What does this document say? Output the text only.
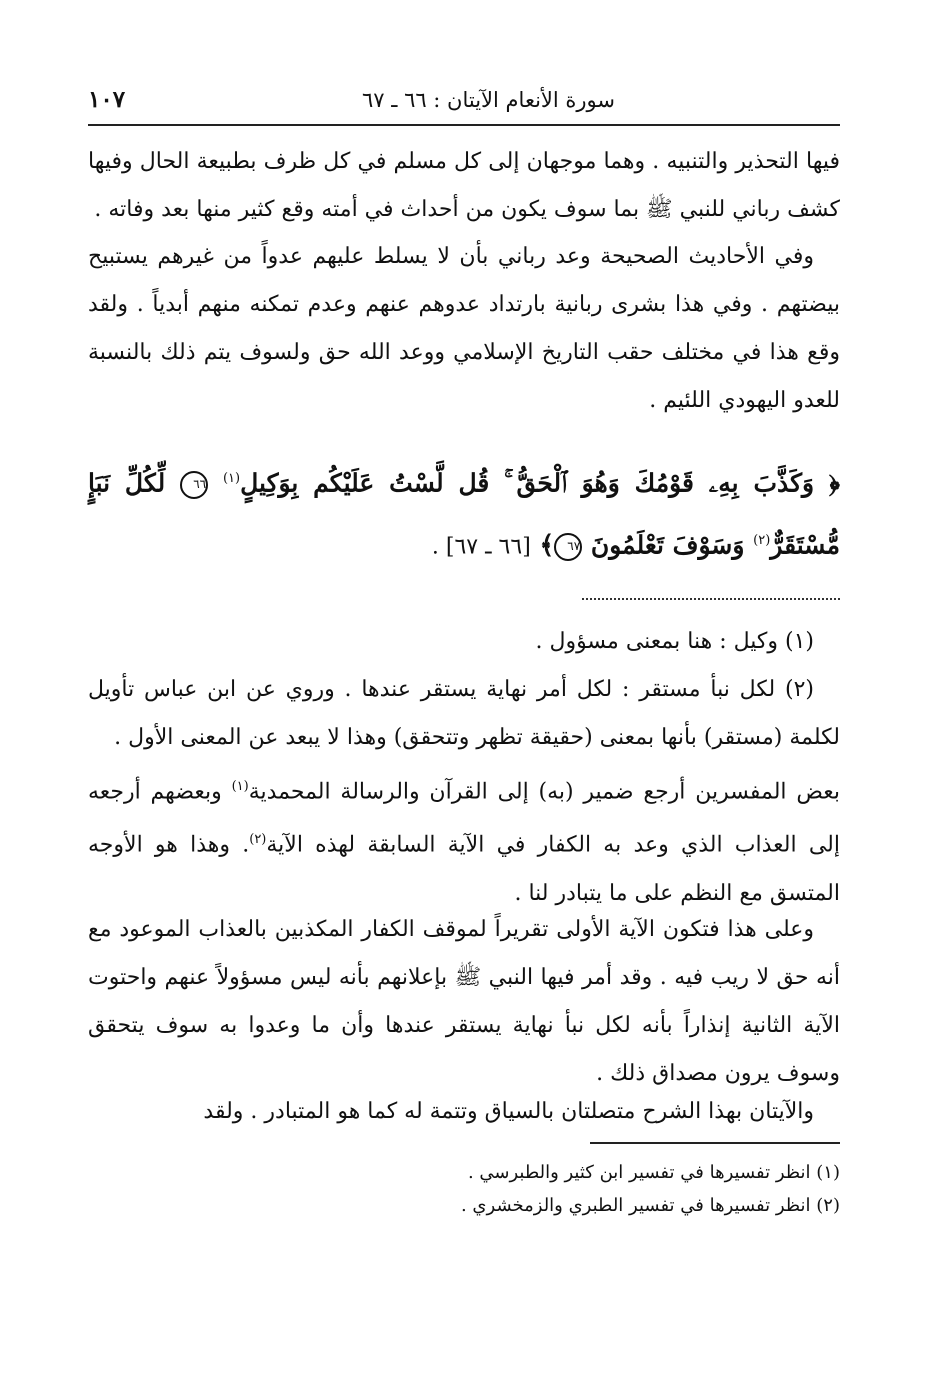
سورة الأنعام الآيتان : ٦٦ ـ ٦٧
١٠٧

فيها التحذير والتنبيه . وهما موجهان إلى كل مسلم في كل ظرف بطبيعة الحال وفيها كشف رباني للنبي ﷺ بما سوف يكون من أحداث في أمته وقع كثير منها بعد وفاته .

وفي الأحاديث الصحيحة وعد رباني بأن لا يسلط عليهم عدواً من غيرهم يستبيح بيضتهم . وفي هذا بشرى ربانية بارتداد عدوهم عنهم وعدم تمكنه منهم أبدياً . ولقد وقع هذا في مختلف حقب التاريخ الإسلامي ووعد الله حق ولسوف يتم ذلك بالنسبة للعدو اليهودي اللئيم .

﴿ وَكَذَّبَ بِهِۦ قَوْمُكَ وَهُوَ ٱلْحَقُّ ۚ قُل لَّسْتُ عَلَيْكُم بِوَكِيلٍ$^{(١)}$ ٦٦ لِّكُلِّ نَبَإٍ مُّسْتَقَرٌّ$^{(٢)}$ وَسَوْفَ تَعْلَمُونَ ٦٧﴾ [٦٦ ـ ٦٧] .

(١) وكيل : هنا بمعنى مسؤول .

(٢) لكل نبأ مستقر : لكل أمر نهاية يستقر عندها . وروي عن ابن عباس تأويل لكلمة (مستقر) بأنها بمعنى (حقيقة تظهر وتتحقق) وهذا لا يبعد عن المعنى الأول .

بعض المفسرين أرجع ضمير (به) إلى القرآن والرسالة المحمدية$^{(١)}$ وبعضهم أرجعه إلى العذاب الذي وعد به الكفار في الآية السابقة لهذه الآية$^{(٢)}$. وهذا هو الأوجه المتسق مع النظم على ما يتبادر لنا .

وعلى هذا فتكون الآية الأولى تقريراً لموقف الكفار المكذبين بالعذاب الموعود مع أنه حق لا ريب فيه . وقد أمر فيها النبي ﷺ بإعلانهم بأنه ليس مسؤولاً عنهم واحتوت الآية الثانية إنذاراً بأنه لكل نبأ نهاية يستقر عندها وأن ما وعدوا به سوف يتحقق وسوف يرون مصداق ذلك .

والآيتان بهذا الشرح متصلتان بالسياق وتتمة له كما هو المتبادر . ولقد

(١) انظر تفسيرها في تفسير ابن كثير والطبرسي .

(٢) انظر تفسيرها في تفسير الطبري والزمخشري .
